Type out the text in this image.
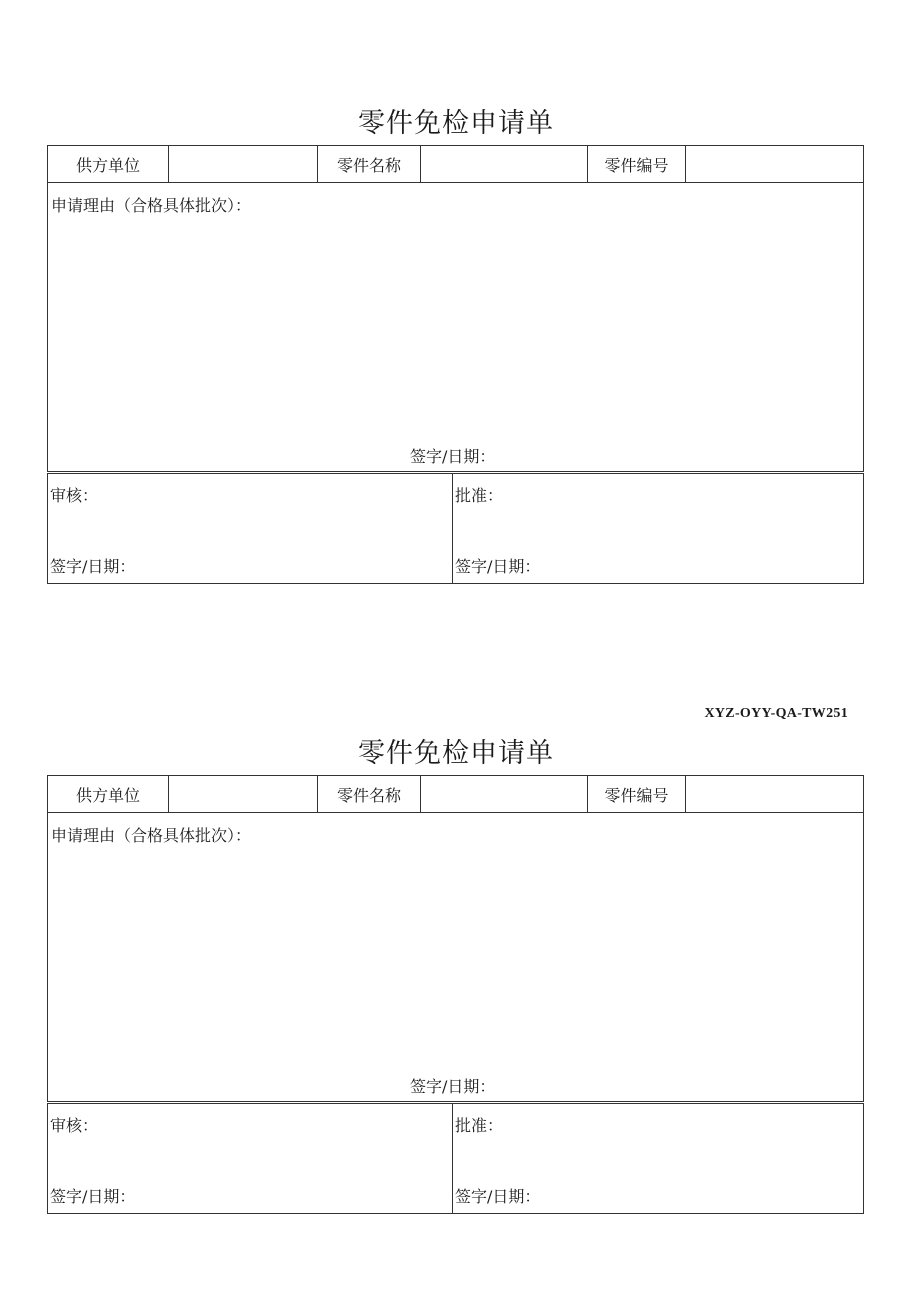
零件免检申请单
供方单位		零件名称		零件编号	

申请理由（合格具体批次）：
签字/日期：
审核：
签字/日期：

批准：
签字/日期：
XYZ-OYY-QA-TW251
零件免检申请单
供方单位		零件名称		零件编号	

申请理由（合格具体批次）：
签字/日期：
审核：
签字/日期：

批准：
签字/日期：
